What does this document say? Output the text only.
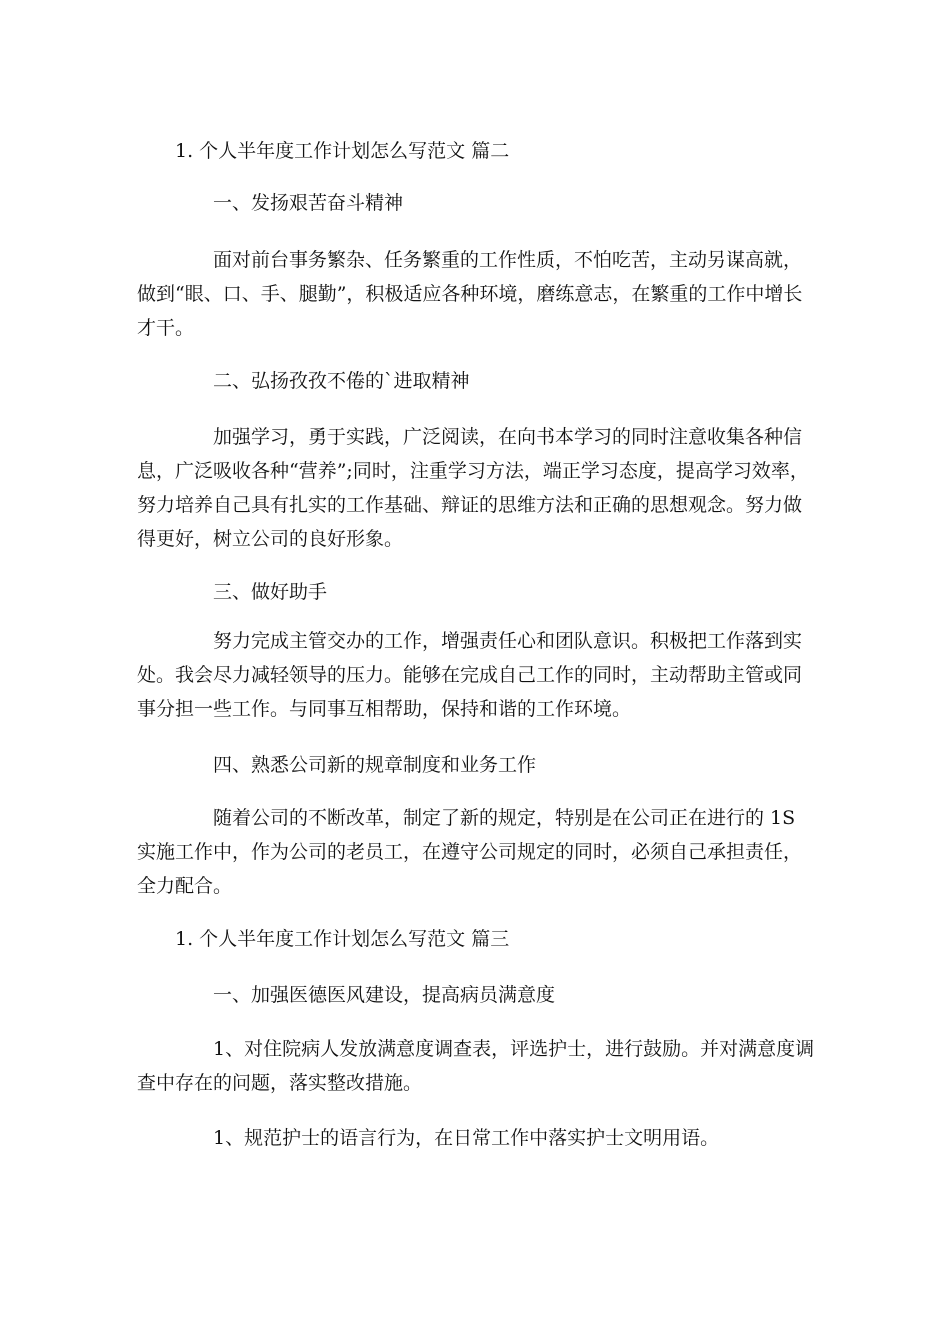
1. 个人半年度工作计划怎么写范文 篇二

一、发扬艰苦奋斗精神

面对前台事务繁杂、任务繁重的工作性质，不怕吃苦，主动另谋高就，做到“眼、口、手、腿勤”，积极适应各种环境，磨练意志，在繁重的工作中增长才干。

二、弘扬孜孜不倦的`进取精神

加强学习，勇于实践，广泛阅读，在向书本学习的同时注意收集各种信息，广泛吸收各种“营养”;同时，注重学习方法，端正学习态度，提高学习效率，努力培养自己具有扎实的工作基础、辩证的思维方法和正确的思想观念。努力做得更好，树立公司的良好形象。

三、做好助手

努力完成主管交办的工作，增强责任心和团队意识。积极把工作落到实处。我会尽力减轻领导的压力。能够在完成自己工作的同时，主动帮助主管或同事分担一些工作。与同事互相帮助，保持和谐的工作环境。

四、熟悉公司新的规章制度和业务工作

随着公司的不断改革，制定了新的规定，特别是在公司正在进行的 1S 实施工作中，作为公司的老员工，在遵守公司规定的同时，必须自己承担责任，全力配合。

1. 个人半年度工作计划怎么写范文 篇三

一、加强医德医风建设，提高病员满意度

1、对住院病人发放满意度调查表，评选护士，进行鼓励。并对满意度调查中存在的问题，落实整改措施。

1、规范护士的语言行为，在日常工作中落实护士文明用语。
